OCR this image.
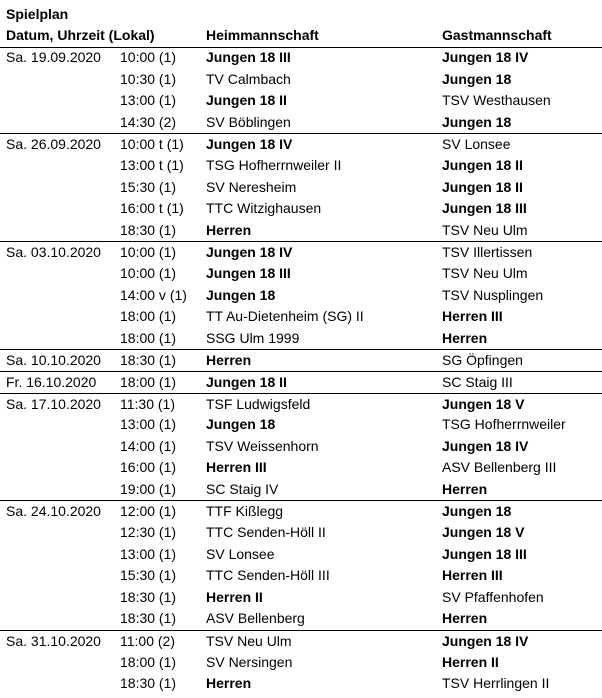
Spielplan
Datum, Uhrzeit (Lokal)	Heimmannschaft	Gastmannschaft
Sa. 19.09.2020 10:00 (1) Jungen 18 III	Jungen 18 IV
10:30 (1) TV Calmbach	Jungen 18
13:00 (1) Jungen 18 II	TSV Westhausen
14:30 (2) SV Böblingen	Jungen 18
Sa. 26.09.2020 10:00 t (1) Jungen 18 IV	SV Lonsee
13:00 t (1) TSG Hofherrnweiler II	Jungen 18 II
15:30 (1) SV Neresheim	Jungen 18 II
16:00 t (1) TTC Witzighausen	Jungen 18 III
18:30 (1) Herren	TSV Neu Ulm
Sa. 03.10.2020 10:00 (1) Jungen 18 IV	TSV Illertissen
10:00 (1) Jungen 18 III	TSV Neu Ulm
14:00 v (1) Jungen 18	TSV Nusplingen
18:00 (1) TT Au-Dietenheim (SG) II	Herren III
18:00 (1) SSG Ulm 1999	Herren
Sa. 10.10.2020 18:30 (1) Herren	SG Öpfingen
Fr. 16.10.2020 18:00 (1) Jungen 18 II	SC Staig III
Sa. 17.10.2020 11:30 (1) TSF Ludwigsfeld	Jungen 18 V
13:00 (1) Jungen 18	TSG Hofherrnweiler
14:00 (1) TSV Weissenhorn	Jungen 18 IV
16:00 (1) Herren III	ASV Bellenberg III
19:00 (1) SC Staig IV	Herren
Sa. 24.10.2020 12:00 (1) TTF Kißlegg	Jungen 18
12:30 (1) TTC Senden-Höll II	Jungen 18 V
13:00 (1) SV Lonsee	Jungen 18 III
15:30 (1) TTC Senden-Höll III	Herren III
18:30 (1) Herren II	SV Pfaffenhofen
18:30 (1) ASV Bellenberg	Herren
Sa. 31.10.2020 11:00 (2) TSV Neu Ulm	Jungen 18 IV
18:00 (1) SV Nersingen	Herren II
18:30 (1) Herren	TSV Herrlingen II
